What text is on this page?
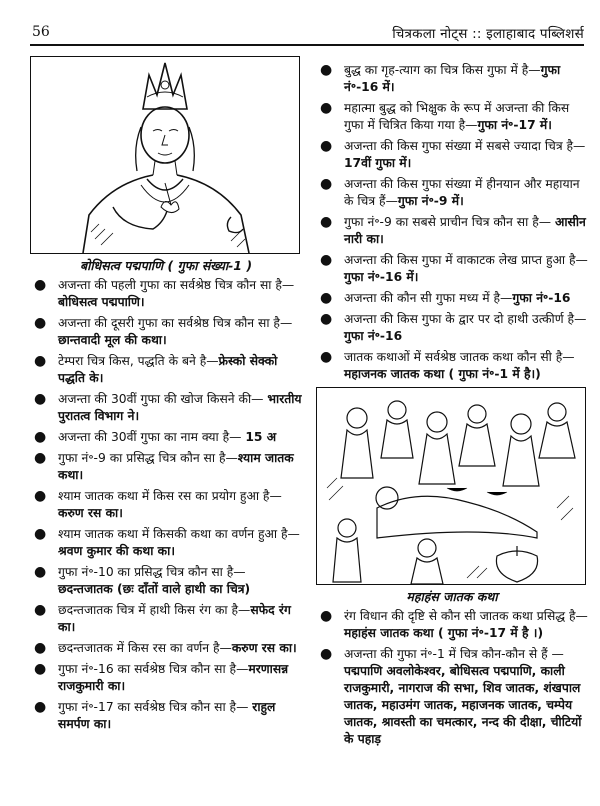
56	चित्रकला नोट्स :: इलाहाबाद पब्लिशर्स
बोधिसत्व पद्मपाणि ( गुफा संख्या-1 )
● अजन्ता की पहली गुफा का सर्वश्रेष्ठ चित्र कौन सा है— बोधिसत्व पद्मपाणि।
● अजन्ता की दूसरी गुफा का सर्वश्रेष्ठ चित्र कौन सा है—छान्तवादी मूल की कथा।
● टेम्परा चित्र किस, पद्धति के बने है—फ्रेस्को सेक्को पद्धति के।
● अजन्ता की 30वीं गुफा की खोज किसने की— भारतीय पुरातत्व विभाग ने।
● अजन्ता की 30वीं गुफा का नाम क्या है— 15 अ
● गुफा नं॰-9 का प्रसिद्ध चित्र कौन सा है—श्याम जातक कथा।
● श्याम जातक कथा में किस रस का प्रयोग हुआ है— करुण रस का।
● श्याम जातक कथा में किसकी कथा का वर्णन हुआ है—श्रवण कुमार की कथा का।
● गुफा नं॰-10 का प्रसिद्ध चित्र कौन सा है— छदन्तजातक (छः दाँतों वाले हाथी का चित्र)
● छदन्तजातक चित्र में हाथी किस रंग का है—सफेद रंग का।
● छदन्तजातक में किस रस का वर्णन है—करुण रस का।
● गुफा नं॰-16 का सर्वश्रेष्ठ चित्र कौन सा है—मरणासन्न राजकुमारी का।
● गुफा नं॰-17 का सर्वश्रेष्ठ चित्र कौन सा है— राहुल समर्पण का।
● बुद्ध का गृह-त्याग का चित्र किस गुफा में है—गुफा नं॰-16 में।
● महात्मा बुद्ध को भिक्षुक के रूप में अजन्ता की किस गुफा में चित्रित किया गया है—गुफा नं॰-17 में।
● अजन्ता की किस गुफा संख्या में सबसे ज्यादा चित्र है—17वीं गुफा में।
● अजन्ता की किस गुफा संख्या में हीनयान और महायान के चित्र हैं—गुफा नं॰-9 में।
● गुफा नं॰-9 का सबसे प्राचीन चित्र कौन सा है— आसीन नारी का।
● अजन्ता की किस गुफा में वाकाटक लेख प्राप्त हुआ है—गुफा नं॰-16 में।
● अजन्ता की कौन सी गुफा मध्य में है—गुफा नं॰-16
● अजन्ता की किस गुफा के द्वार पर दो हाथी उत्कीर्ण है—गुफा नं॰-16
● जातक कथाओं में सर्वश्रेष्ठ जातक कथा कौन सी है—महाजनक जातक कथा ( गुफा नं॰-1 में है।)
महाहंस जातक कथा
● रंग विधान की दृष्टि से कौन सी जातक कथा प्रसिद्ध है—महाहंस जातक कथा ( गुफा नं॰-17 में है ।)
● अजन्ता की गुफा नं॰-1 में चित्र कौन-कौन से हैं — पद्मपाणि अवलोकेश्वर, बोधिसत्व पद्मपाणि, काली राजकुमारी, नागराज की सभा, शिव जातक, शंखपाल जातक, महाउमंग जातक, महाजनक जातक, चम्पेय जातक, श्रावस्ती का चमत्कार, नन्द की दीक्षा, चीटियों के पहाड़
